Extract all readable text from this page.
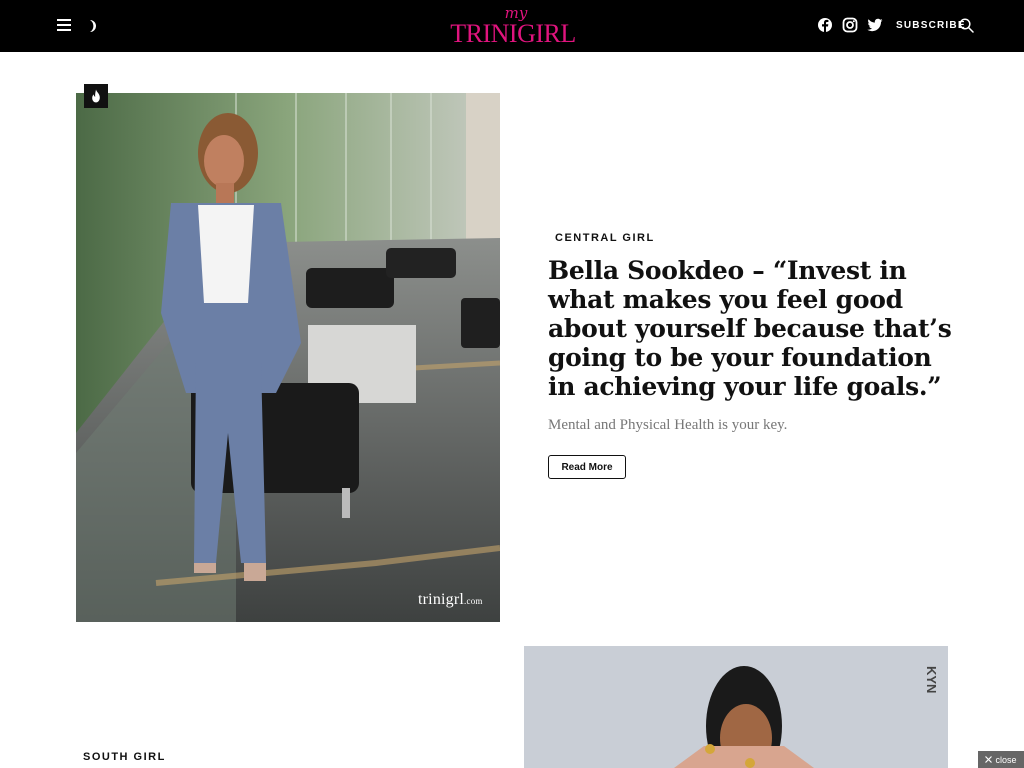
my
TRINIGIRL	SUBSCRIBE
trinigrl.com
CENTRAL GIRL
Bella Sookdeo – “Invest in what makes you feel good about yourself because that’s going to be your foundation in achieving your life goals.”

Mental and Physical Health is your key.

Read More
SOUTH GIRL
KYN
close
